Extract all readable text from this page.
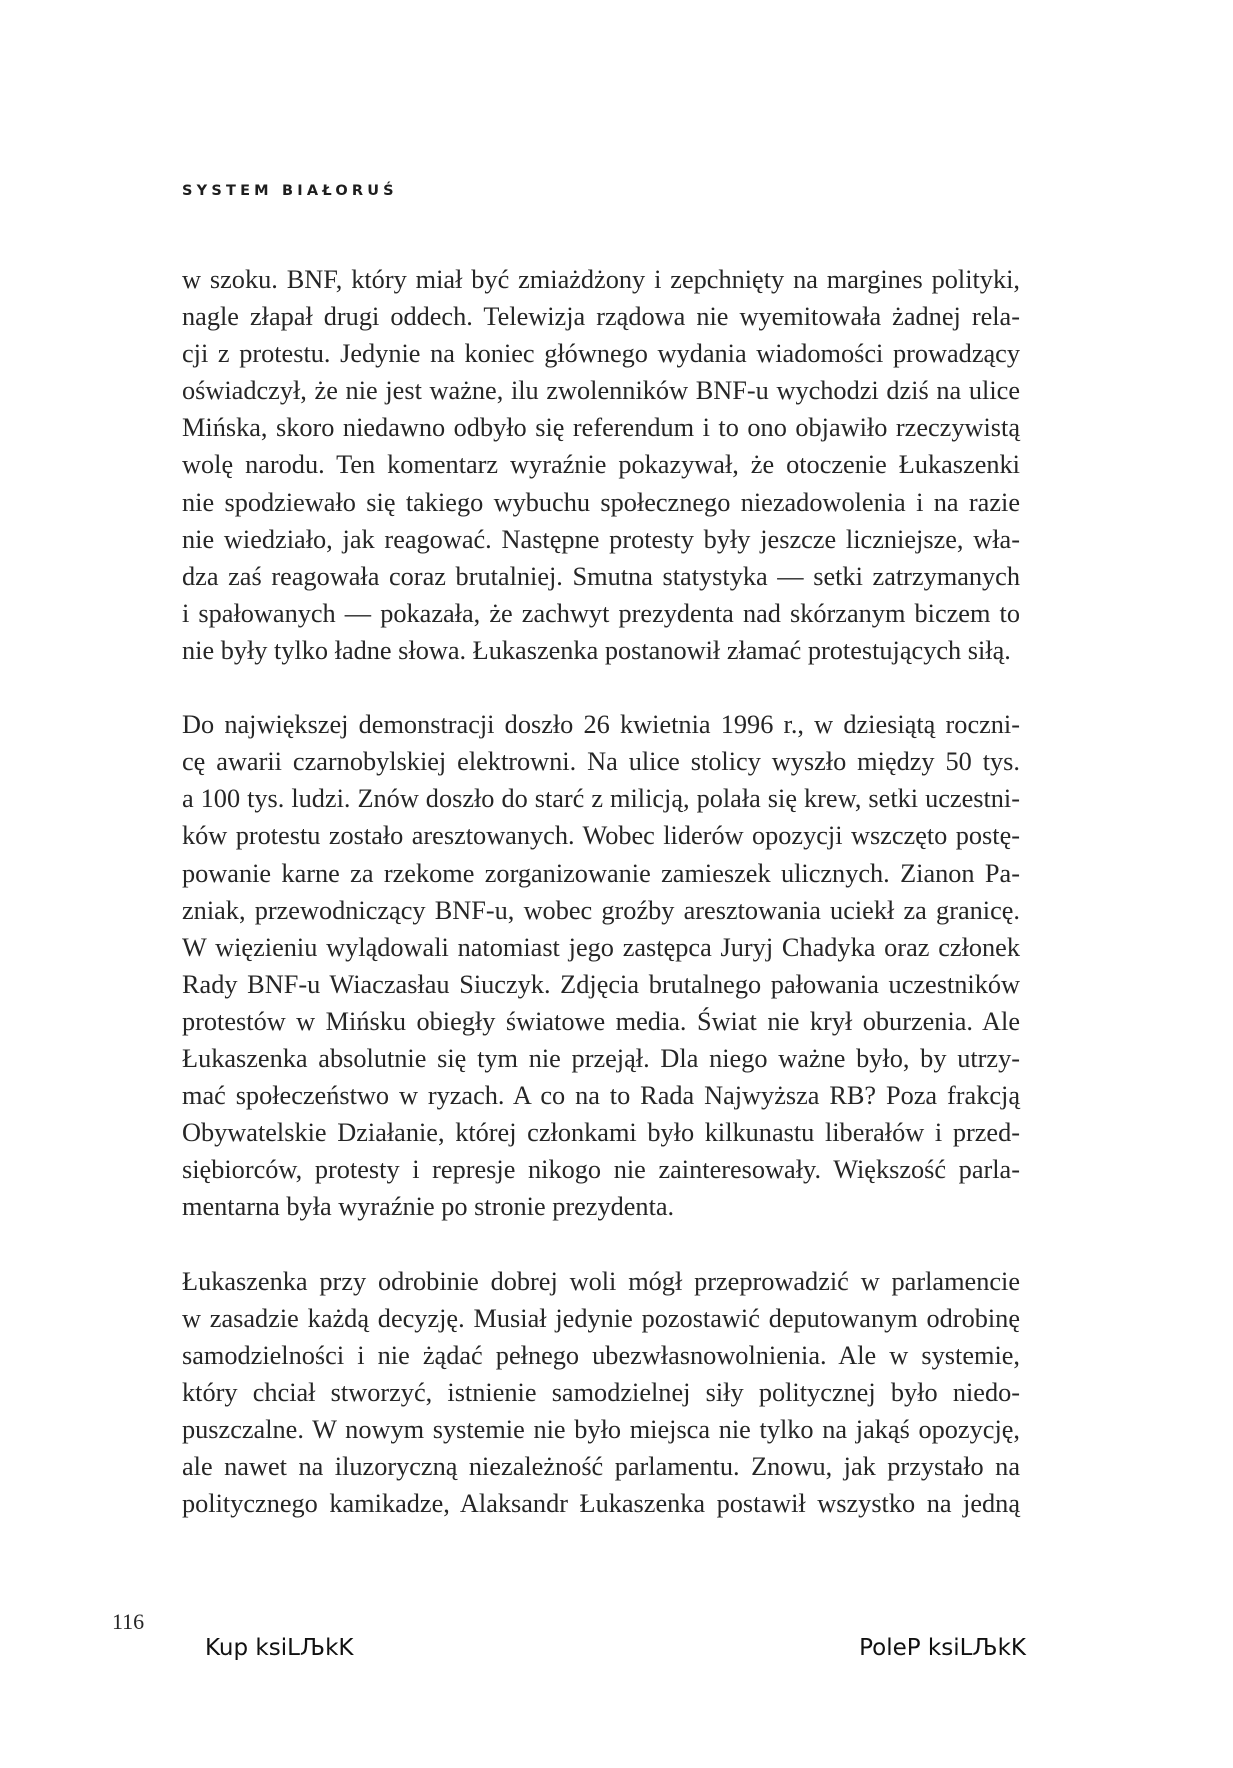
SYSTEM BIAŁORUŚ

w szoku. BNF, który miał być zmiażdżony i zepchnięty na margines polityki,
nagle złapał drugi oddech. Telewizja rządowa nie wyemitowała żadnej rela-
cji z protestu. Jedynie na koniec głównego wydania wiadomości prowadzący
oświadczył, że nie jest ważne, ilu zwolenników BNF-u wychodzi dziś na ulice
Mińska, skoro niedawno odbyło się referendum i to ono objawiło rzeczywistą
wolę narodu. Ten komentarz wyraźnie pokazywał, że otoczenie Łukaszenki
nie spodziewało się takiego wybuchu społecznego niezadowolenia i na razie
nie wiedziało, jak reagować. Następne protesty były jeszcze liczniejsze, wła-
dza zaś reagowała coraz brutalniej. Smutna statystyka — setki zatrzymanych
i spałowanych — pokazała, że zachwyt prezydenta nad skórzanym biczem to
nie były tylko ładne słowa. Łukaszenka postanowił złamać protestujących siłą.

Do największej demonstracji doszło 26 kwietnia 1996 r., w dziesiątą roczni-
cę awarii czarnobylskiej elektrowni. Na ulice stolicy wyszło między 50 tys.
a 100 tys. ludzi. Znów doszło do starć z milicją, polała się krew, setki uczestni-
ków protestu zostało aresztowanych. Wobec liderów opozycji wszczęto postę-
powanie karne za rzekome zorganizowanie zamieszek ulicznych. Zianon Pa-
zniak, przewodniczący BNF-u, wobec groźby aresztowania uciekł za granicę.
W więzieniu wylądowali natomiast jego zastępca Juryj Chadyka oraz członek
Rady BNF-u Wiaczasłau Siuczyk. Zdjęcia brutalnego pałowania uczestników
protestów w Mińsku obiegły światowe media. Świat nie krył oburzenia. Ale
Łukaszenka absolutnie się tym nie przejął. Dla niego ważne było, by utrzy-
mać społeczeństwo w ryzach. A co na to Rada Najwyższa RB? Poza frakcją
Obywatelskie Działanie, której członkami było kilkunastu liberałów i przed-
siębiorców, protesty i represje nikogo nie zainteresowały. Większość parla-
mentarna była wyraźnie po stronie prezydenta.

Łukaszenka przy odrobinie dobrej woli mógł przeprowadzić w parlamencie
w zasadzie każdą decyzję. Musiał jedynie pozostawić deputowanym odrobinę
samodzielności i nie żądać pełnego ubezwłasnowolnienia. Ale w systemie,
który chciał stworzyć, istnienie samodzielnej siły politycznej było niedo-
puszczalne. W nowym systemie nie było miejsca nie tylko na jakąś opozycję,
ale nawet na iluzoryczną niezależność parlamentu. Znowu, jak przystało na
politycznego kamikadze, Alaksandr Łukaszenka postawił wszystko na jedną

116
Kup ksiLЉkK	PoleP ksiLЉkK
